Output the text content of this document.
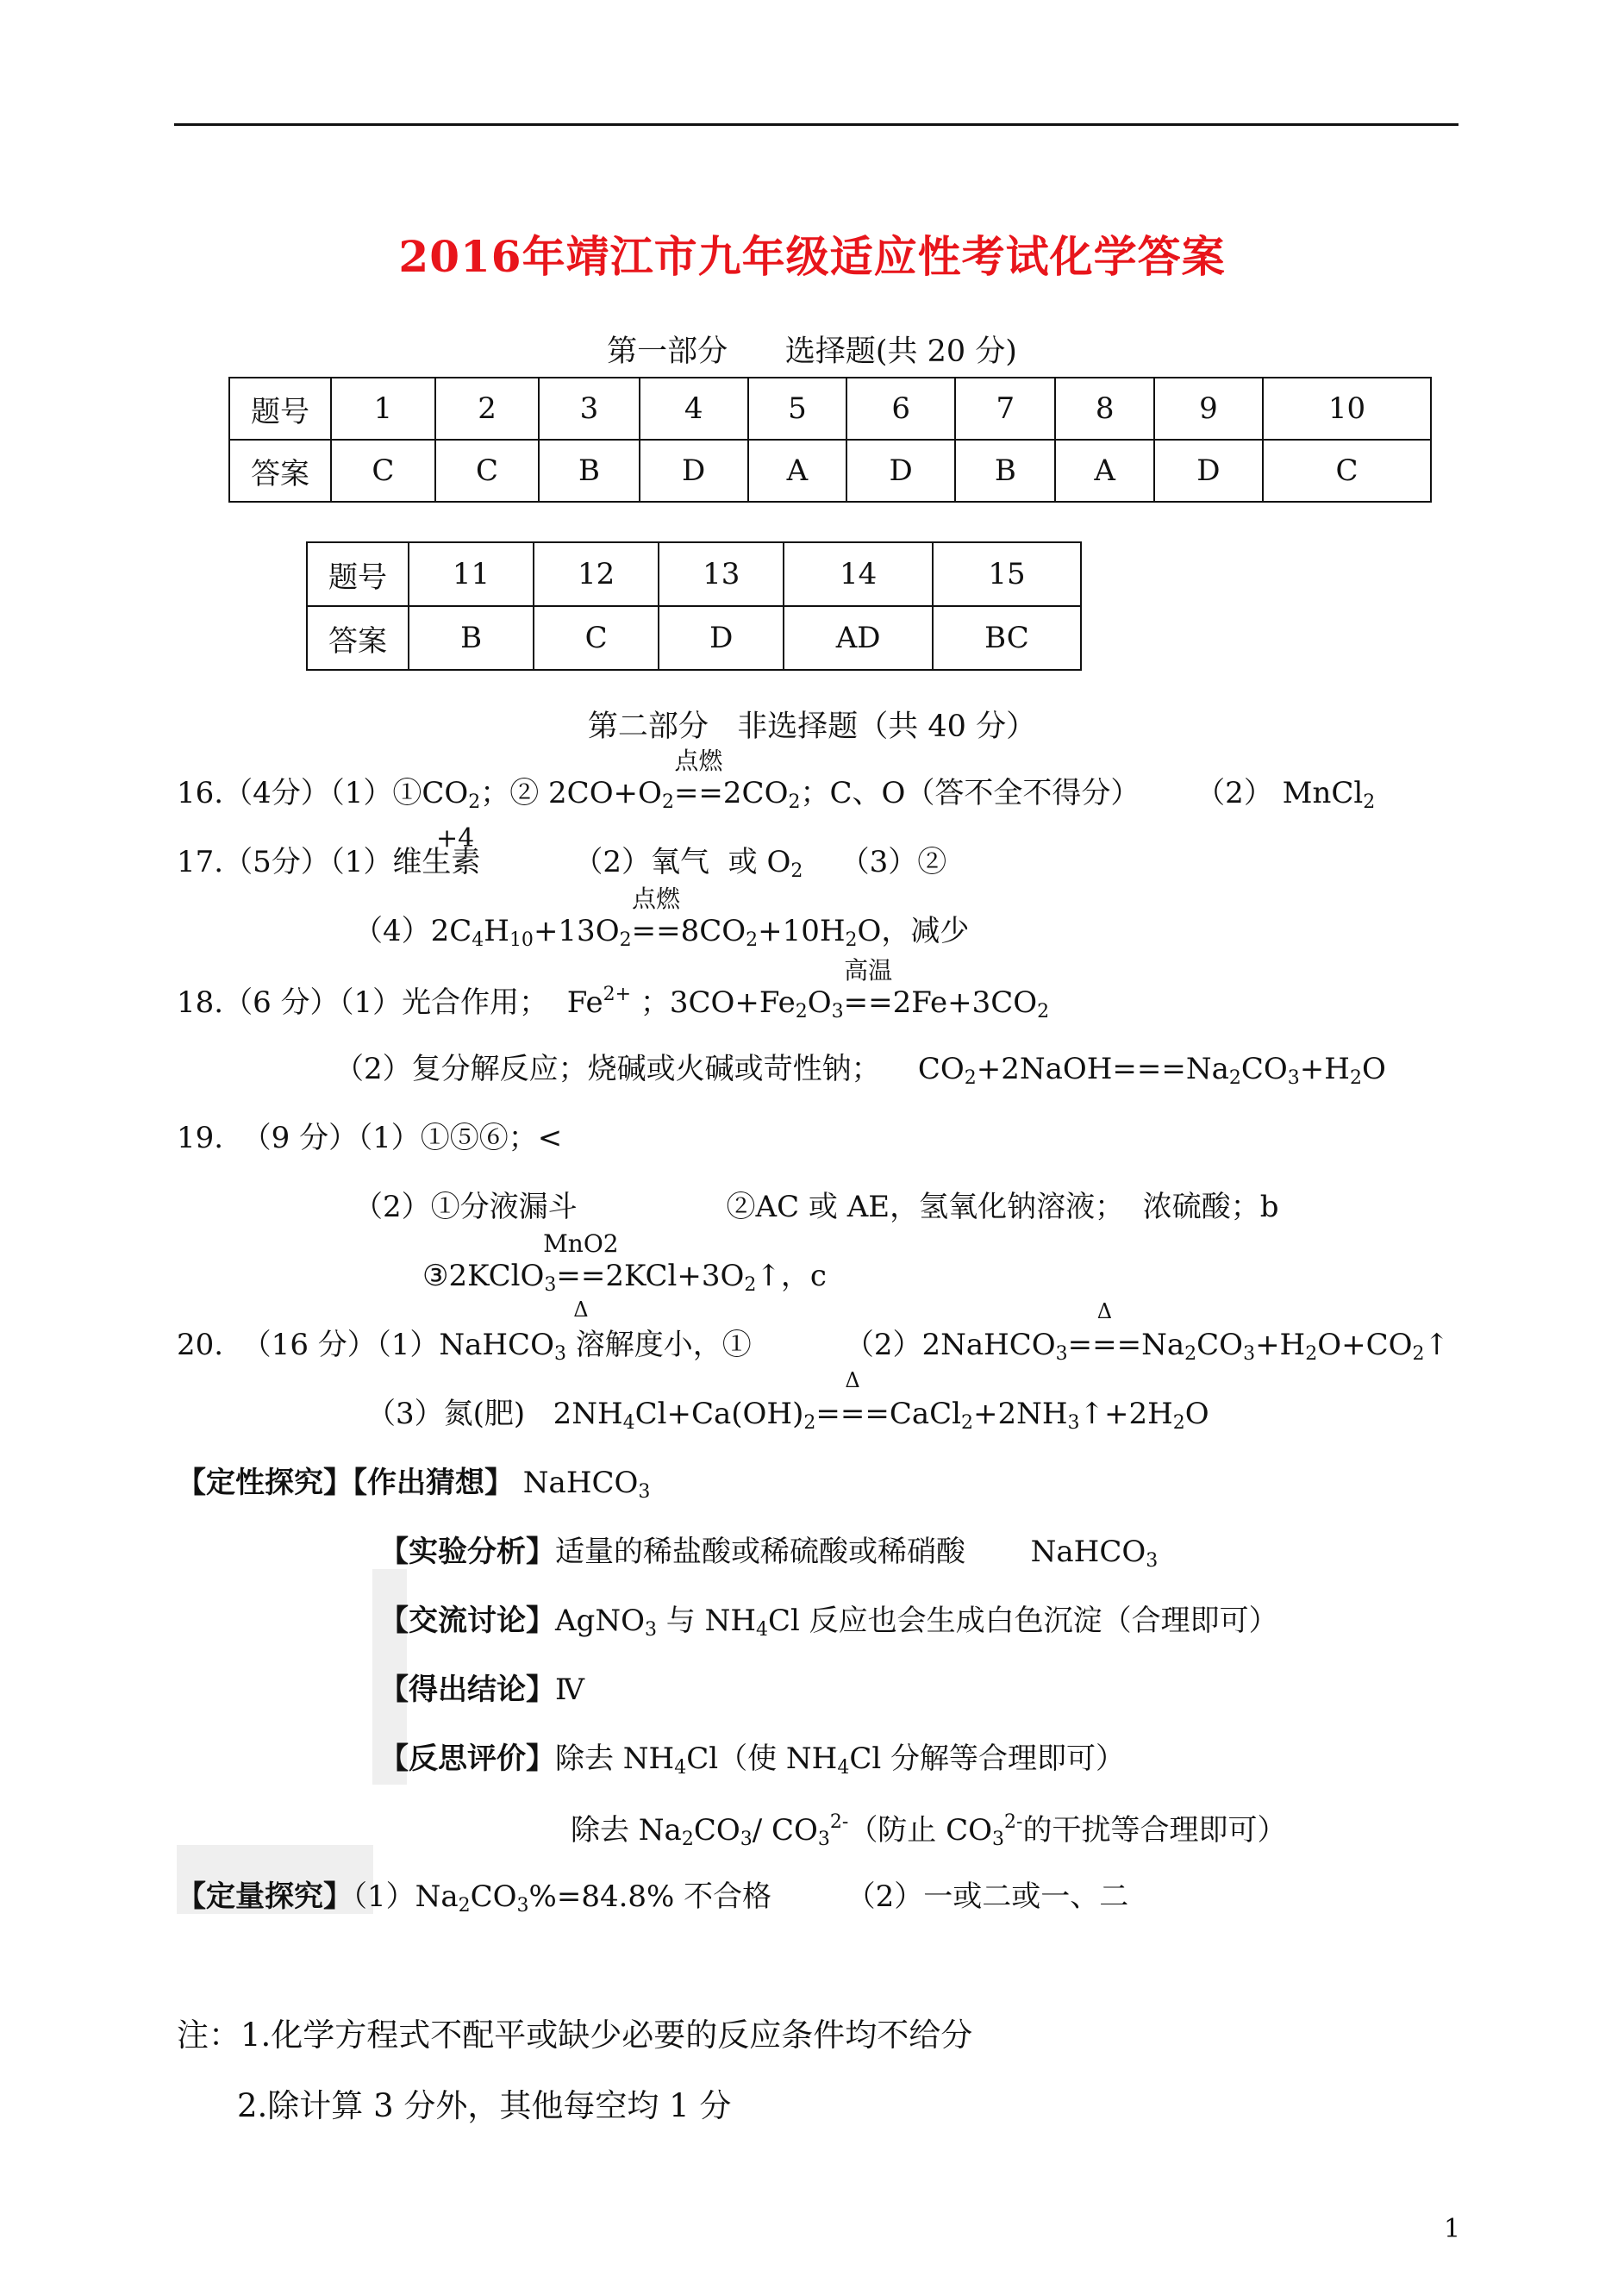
2016年靖江市九年级适应性考试化学答案
第一部分      选择题(共 20 分)
题号	1	2	3	4	5	6	7	8	9	10
答案	C	C	B	D	A	D	B	A	D	C
题号	11	12	13	14	15
答案	B	C	D	AD	BC
第二部分   非选择题（共 40 分）
16.（4分）$(1)①CO_2$；② $2CO+O_2$
点燃
$==2CO_2$；C、O（答不全不得分）      （2） MnCl$_2$
+4
17.（5分）（1）维生素          （2）氧气  或 $O_2$    （3）②
$(4)2C_4H_{10}+13O_2$
点燃
$==8CO_2+10H_2O$，减少
18.（6 分）（1）光合作用；  $Fe^{2+}$ ；$3CO+Fe_2O_3$
高温
$==2Fe+3CO_2$
（2）复分解反应；烧碱或火碱或苛性钠；    $CO_2+2NaOH===Na_2CO_3+H_2O$
19.  （9 分）（1）①⑤⑥；<
（2）①分液漏斗                ②AC 或 AE，氢氧化钠溶液；  浓硫酸；b
③2KClO$_3$
MnO2
Δ
$==2KCl+3O_2↑$，c
20.  （16 分）（1）NaHCO$_3$ 溶解度小，①          （2）2NaHCO$_3$
Δ
$===Na_2CO_3+H_2O+CO_2↑$
（3）氮(肥)   $2NH_4Cl+Ca(OH)_2$
Δ
$===CaCl_2+2NH_3↑+2H_2O$
【定性探究】【作出猜想】 NaHCO$_3$
【实验分析】适量的稀盐酸或稀硫酸或稀硝酸       NaHCO$_3$
【交流讨论】AgNO$_3$ 与 $NH_4Cl$ 反应也会生成白色沉淀（合理即可）
【得出结论】Ⅳ
【反思评价】除去 $NH_4Cl$（使 $NH_4Cl$ 分解等合理即可）
除去 $Na_2CO_3/$ $CO_3^{2-}$（防止 $CO_3^{2-}$的干扰等合理即可）
【定量探究】$(1)Na_2CO_3\%=84.8\%$ 不合格        （2）一或二或一、二
注：1.化学方程式不配平或缺少必要的反应条件均不给分
2.除计算 3 分外，其他每空均 1 分
1
